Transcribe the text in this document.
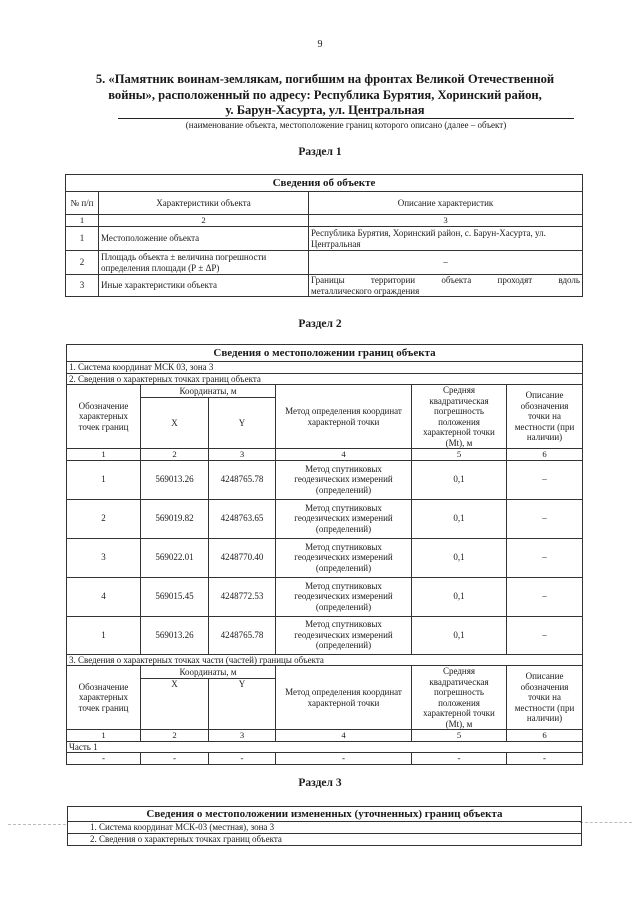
9
5. «Памятник воинам-землякам, погибшим на фронтах Великой Отечественной
войны», расположенный по адресу: Республика Бурятия, Хоринский район,
у. Барун-Хасурта, ул. Центральная
(наименование объекта, местоположение границ которого описано (далее – объект)
Раздел 1
Сведения об объекте		
№ п/п	Характеристики объекта	Описание характеристик
1	2	3
1	Местоположение объекта	Республика Бурятия, Хоринский район, с. Барун-Хасурта, ул. Центральная
2	Площадь объекта ± величина погрешности определения площади (Р ± ΔР)	–
3	Иные характеристики объекта	Границы территории объекта проходят вдоль
металлического ограждения
Раздел 2
Сведения о местоположении границ объекта					
1. Система координат МСК 03, зона 3					
2. Сведения о характерных точках границ объекта					
Обозначение характерных точек границ	Координаты, м		Метод определения координат характерной точки	Средняя квадратическая погрешность положения характерной точки (Mt), м	Описание обозначения точки на местности (при наличии)
	X	Y			
1	2	3	4	5	6
1	569013.26	4248765.78	Метод спутниковых геодезических измерений (определений)	0,1	–
2	569019.82	4248763.65	Метод спутниковых геодезических измерений (определений)	0,1	–
3	569022.01	4248770.40	Метод спутниковых геодезических измерений (определений)	0,1	–
4	569015.45	4248772.53	Метод спутниковых геодезических измерений (определений)	0,1	–
1	569013.26	4248765.78	Метод спутниковых геодезических измерений (определений)	0,1	–
3. Сведения о характерных точках части (частей) границы объекта					
Обозначение характерных точек границ	Координаты, м		Метод определения координат характерной точки	Средняя квадратическая погрешность положения характерной точки (Mt), м	Описание обозначения точки на местности (при наличии)
	X	Y			
1	2	3	4	5	6
Часть 1					
-	-	-	-	-	-
Раздел 3
Сведения о местоположении измененных (уточненных) границ объекта
1. Система координат МСК-03 (местная), зона 3
2. Сведения о характерных точках границ объекта
